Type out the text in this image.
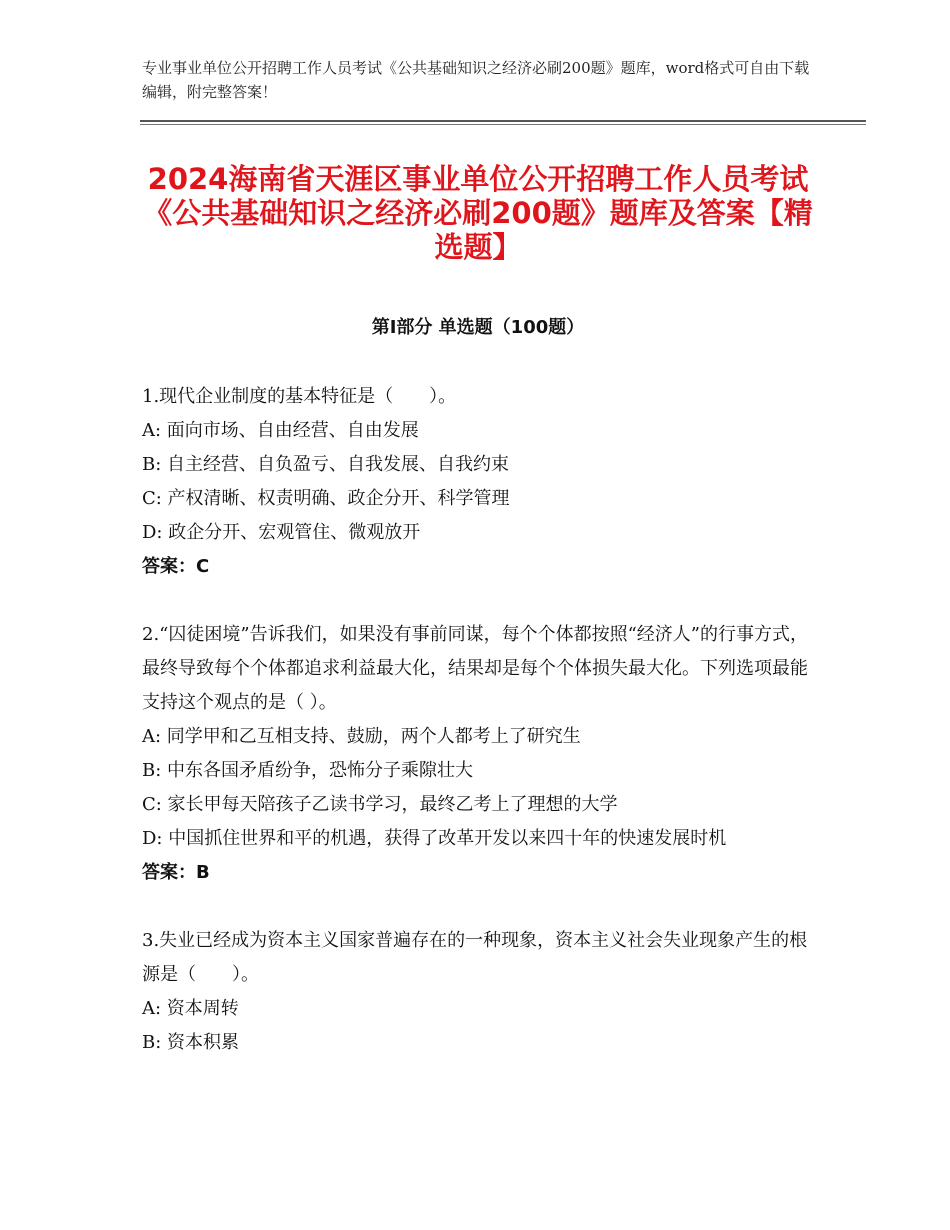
专业事业单位公开招聘工作人员考试《公共基础知识之经济必刷200题》题库，word格式可自由下载编辑，附完整答案！
2024海南省天涯区事业单位公开招聘工作人员考试《公共基础知识之经济必刷200题》题库及答案【精选题】
第Ⅰ部分 单选题（100题）

1.现代企业制度的基本特征是（　　）。

A: 面向市场、自由经营、自由发展

B: 自主经营、自负盈亏、自我发展、自我约束

C: 产权清晰、权责明确、政企分开、科学管理

D: 政企分开、宏观管住、微观放开

答案：C

2.“囚徒困境”告诉我们，如果没有事前同谋，每个个体都按照“经济人”的行事方式，最终导致每个个体都追求利益最大化，结果却是每个个体损失最大化。下列选项最能支持这个观点的是（ ）。

A: 同学甲和乙互相支持、鼓励，两个人都考上了研究生

B: 中东各国矛盾纷争，恐怖分子乘隙壮大

C: 家长甲每天陪孩子乙读书学习，最终乙考上了理想的大学

D: 中国抓住世界和平的机遇，获得了改革开发以来四十年的快速发展时机

答案：B

3.失业已经成为资本主义国家普遍存在的一种现象，资本主义社会失业现象产生的根源是（　　）。

A: 资本周转

B: 资本积累
